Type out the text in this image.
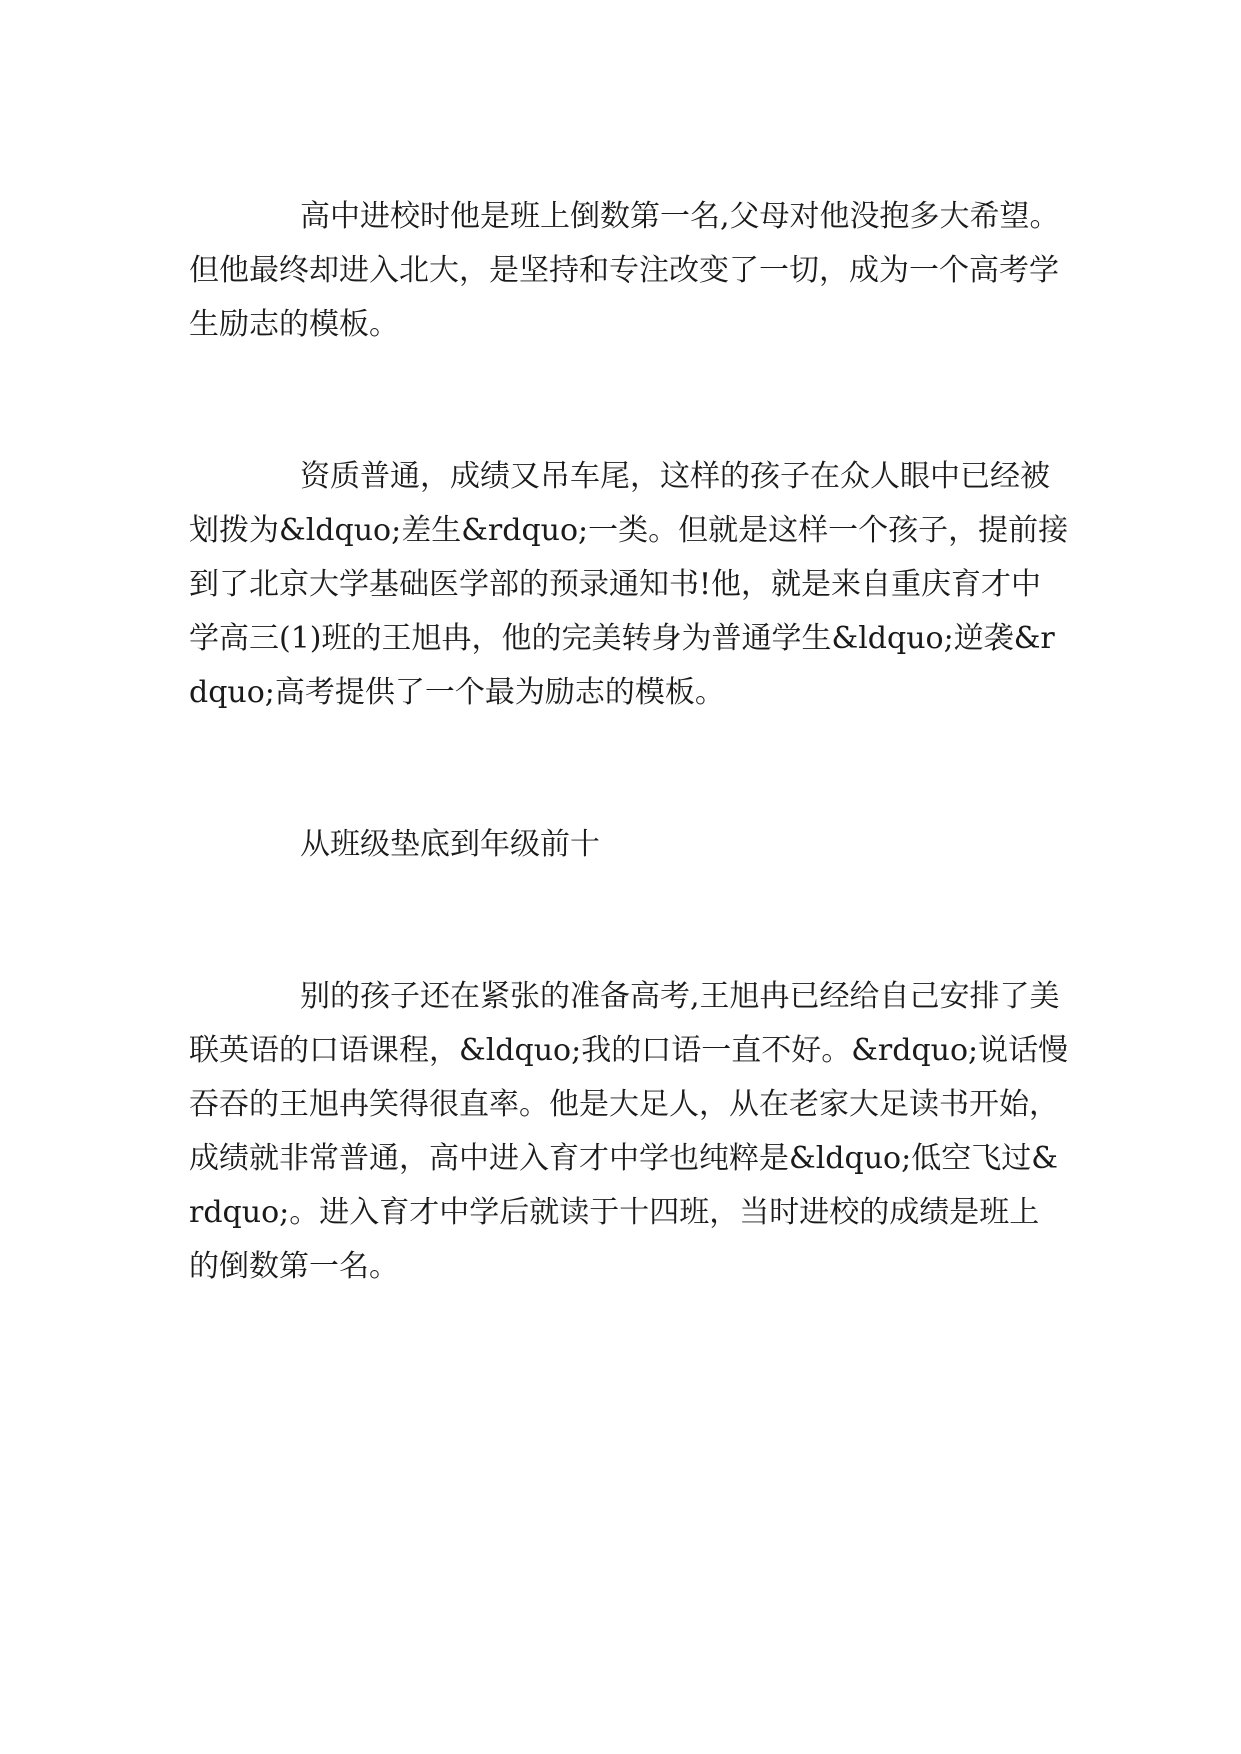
高中进校时他是班上倒数第一名,父母对他没抱多大希望。但他最终却进入北大，是坚持和专注改变了一切，成为一个高考学生励志的模板。

资质普通，成绩又吊车尾，这样的孩子在众人眼中已经被划拨为&ldquo;差生&rdquo;一类。但就是这样一个孩子，提前接到了北京大学基础医学部的预录通知书!他，就是来自重庆育才中学高三(1)班的王旭冉，他的完美转身为普通学生&ldquo;逆袭&rdquo;高考提供了一个最为励志的模板。

从班级垫底到年级前十

别的孩子还在紧张的准备高考,王旭冉已经给自己安排了美联英语的口语课程，&ldquo;我的口语一直不好。&rdquo;说话慢吞吞的王旭冉笑得很直率。他是大足人，从在老家大足读书开始，成绩就非常普通，高中进入育才中学也纯粹是&ldquo;低空飞过&rdquo;。进入育才中学后就读于十四班，当时进校的成绩是班上的倒数第一名。
